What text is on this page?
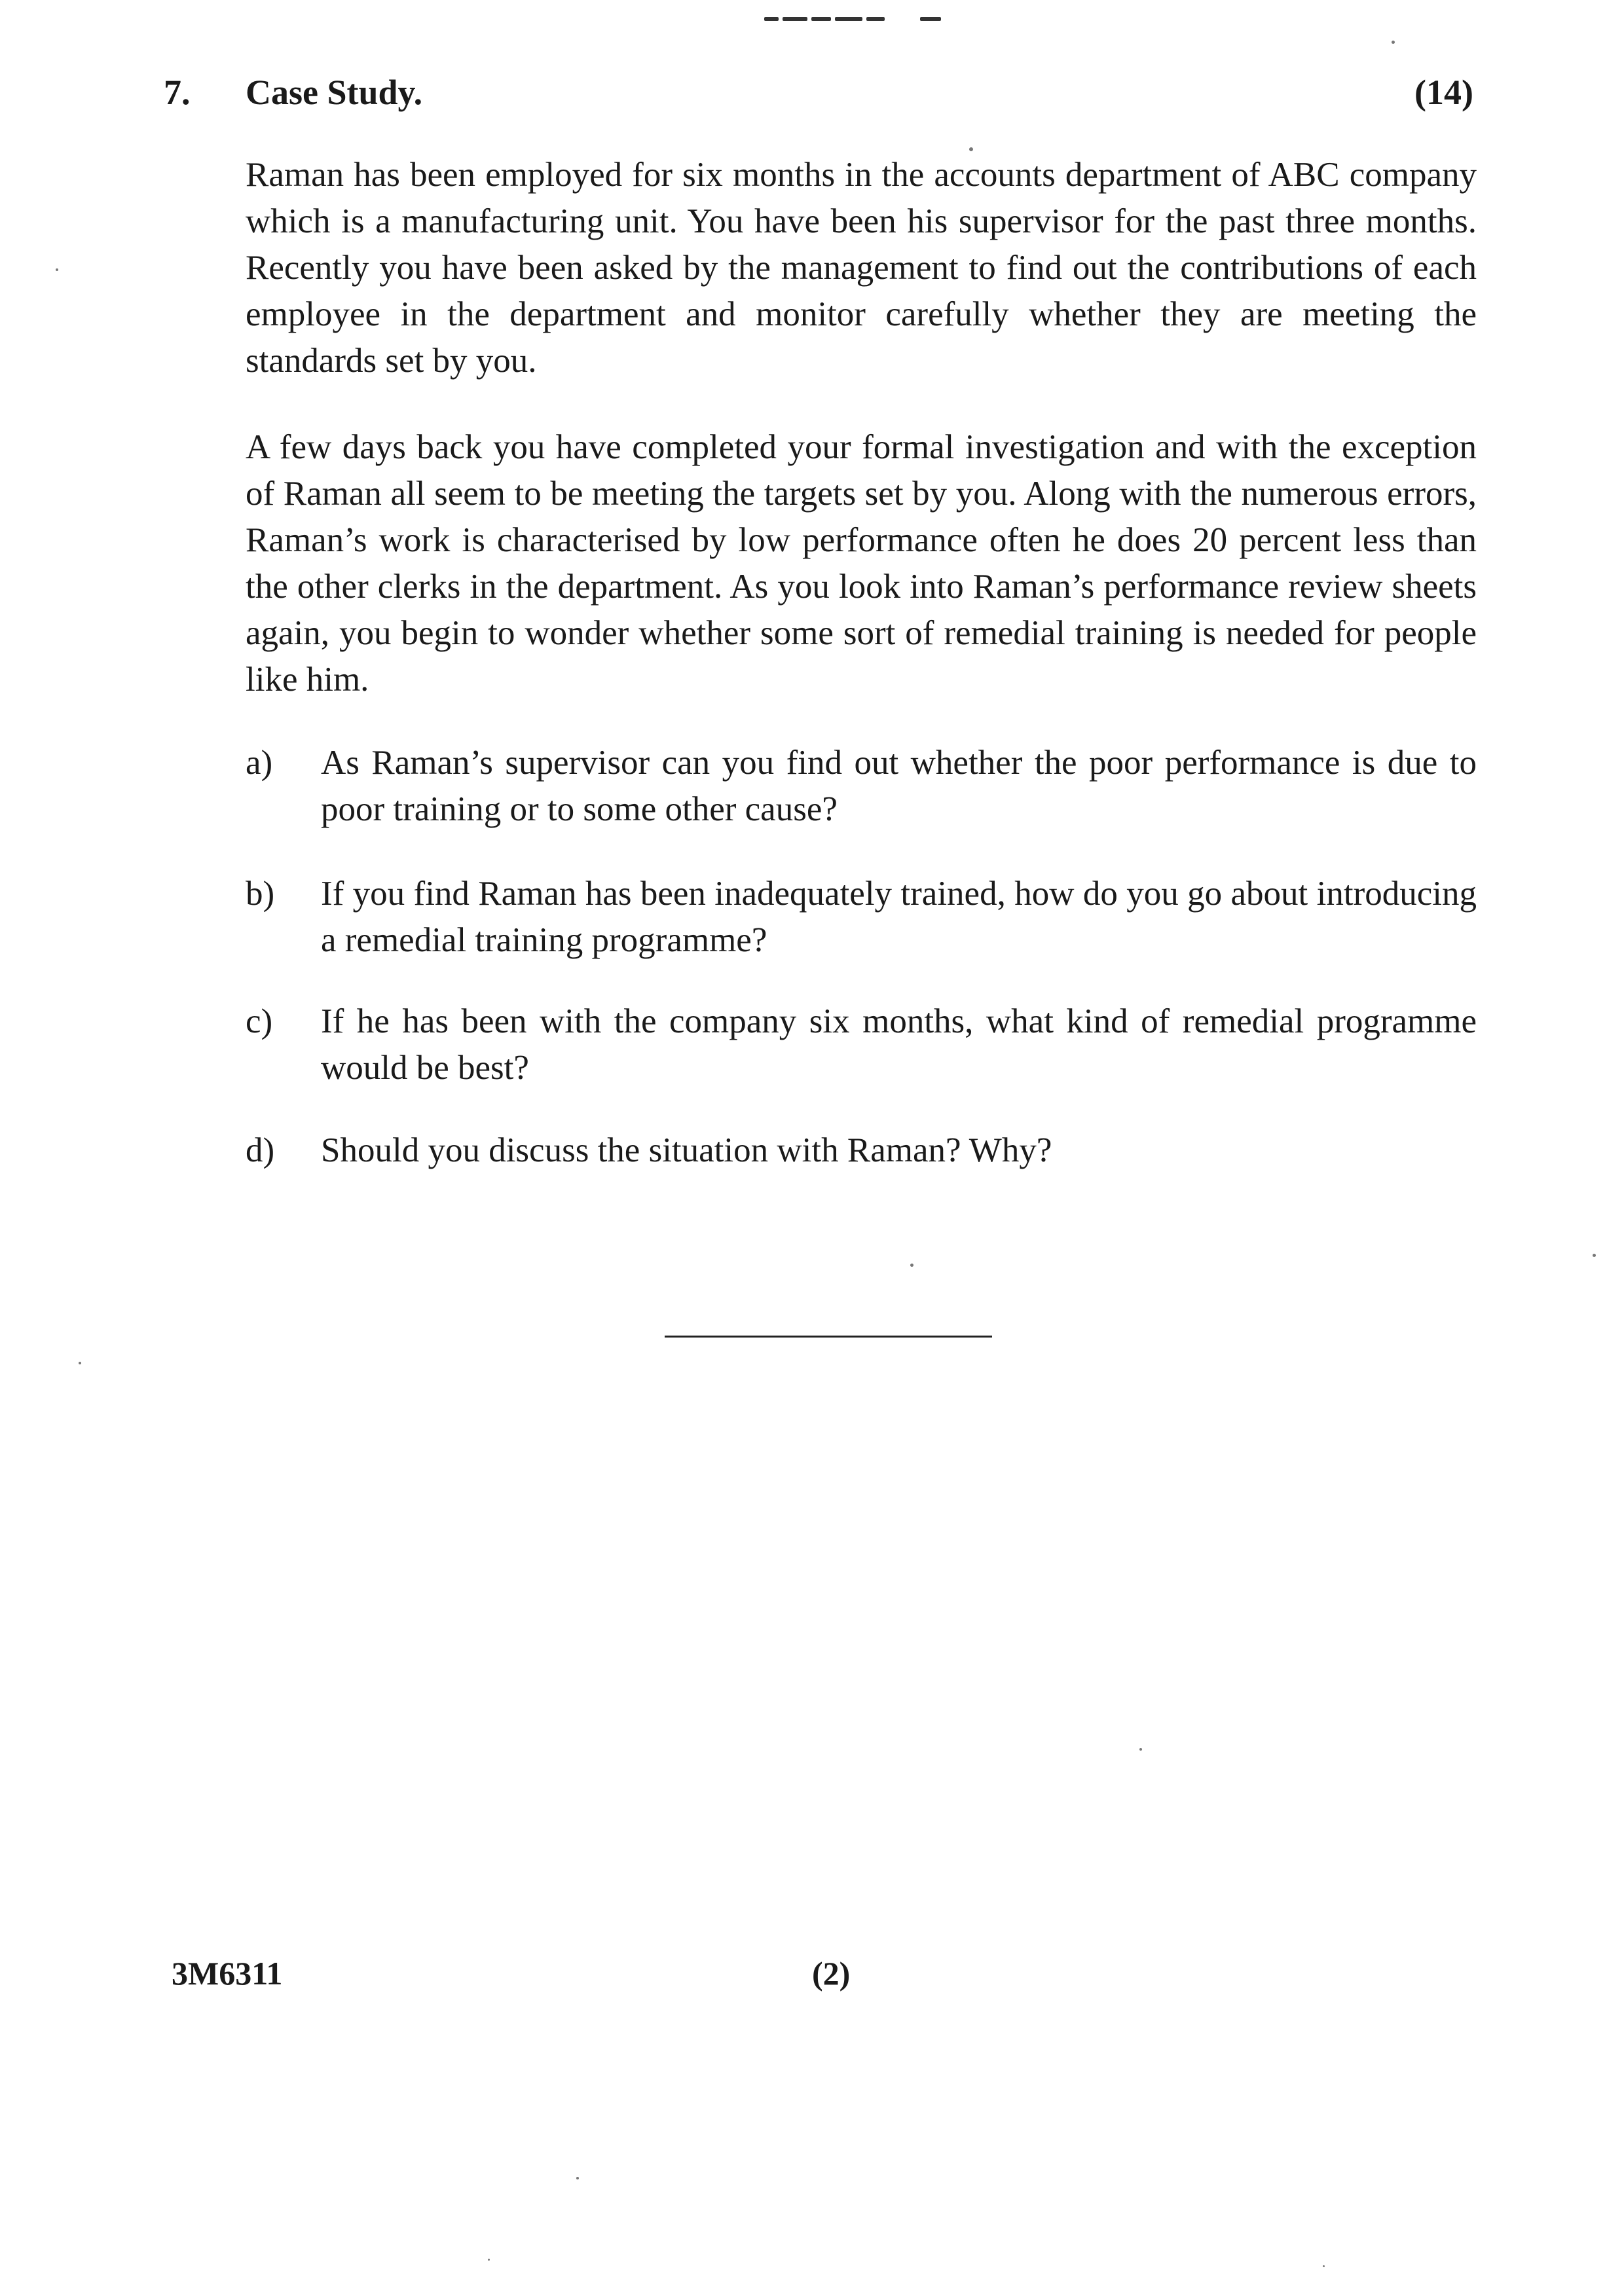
7. Case Study.	(14)

Raman has been employed for six months in the accounts department of ABC company which is a manufacturing unit. You have been his supervisor for the past three months. Recently you have been asked by the management to find out the contributions of each employee in the department and monitor carefully whether they are meeting the standards set by you.

A few days back you have completed your formal investigation and with the exception of Raman all seem to be meeting the targets set by you. Along with the numerous errors, Raman’s work is characterised by low performance often he does 20 percent less than the other clerks in the department. As you look into Raman’s performance review sheets again, you begin to wonder whether some sort of remedial training is needed for people like him.

a) As Raman’s supervisor can you find out whether the poor performance is due to poor training or to some other cause?
b) If you find Raman has been inadequately trained, how do you go about introducing a remedial training programme?
c) If he has been with the company six months, what kind of remedial programme would be best?
d) Should you discuss the situation with Raman? Why?
3M6311	(2)
